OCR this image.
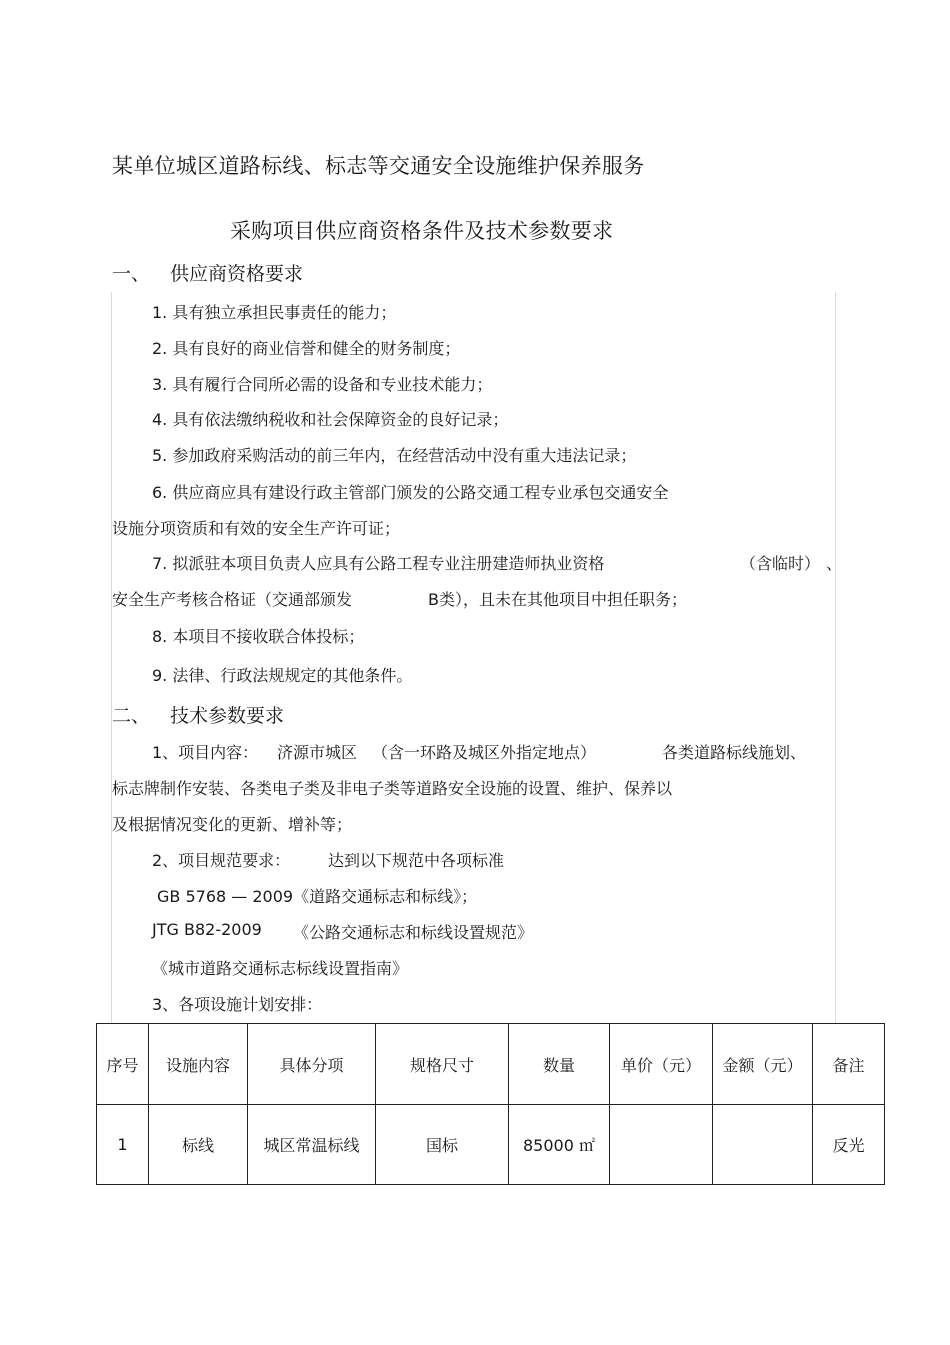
某单位城区道路标线、标志等交通安全设施维护保养服务
采购项目供应商资格条件及技术参数要求
一、 供应商资格要求
1. 具有独立承担民事责任的能力；
2. 具有良好的商业信誉和健全的财务制度；
3. 具有履行合同所必需的设备和专业技术能力；
4. 具有依法缴纳税收和社会保障资金的良好记录；
5. 参加政府采购活动的前三年内，在经营活动中没有重大违法记录；
6. 供应商应具有建设行政主管部门颁发的公路交通工程专业承包交通安全
设施分项资质和有效的安全生产许可证；
7. 拟派驻本项目负责人应具有公路工程专业注册建造师执业资格	（含临时） 、
安全生产考核合格证（交通部颁发	B类），且未在其他项目中担任职务；
8. 本项目不接收联合体投标；
9. 法律、行政法规规定的其他条件。
二、 技术参数要求
1、项目内容： 济源市城区 （含一环路及城区外指定地点）	各类道路标线施划、
标志牌制作安装、各类电子类及非电子类等道路安全设施的设置、维护、保养以
及根据情况变化的更新、增补等；
2、项目规范要求： 达到以下规范中各项标准
GB 5768 — 2009《道路交通标志和标线》；
JTG B82-2009 《公路交通标志和标线设置规范》
《城市道路交通标志标线设置指南》
3、各项设施计划安排：
序号	设施内容	具体分项	规格尺寸	数量	单价（元）	金额（元）	备注
1	标线	城区常温标线	国标	85000 ㎡			反光
